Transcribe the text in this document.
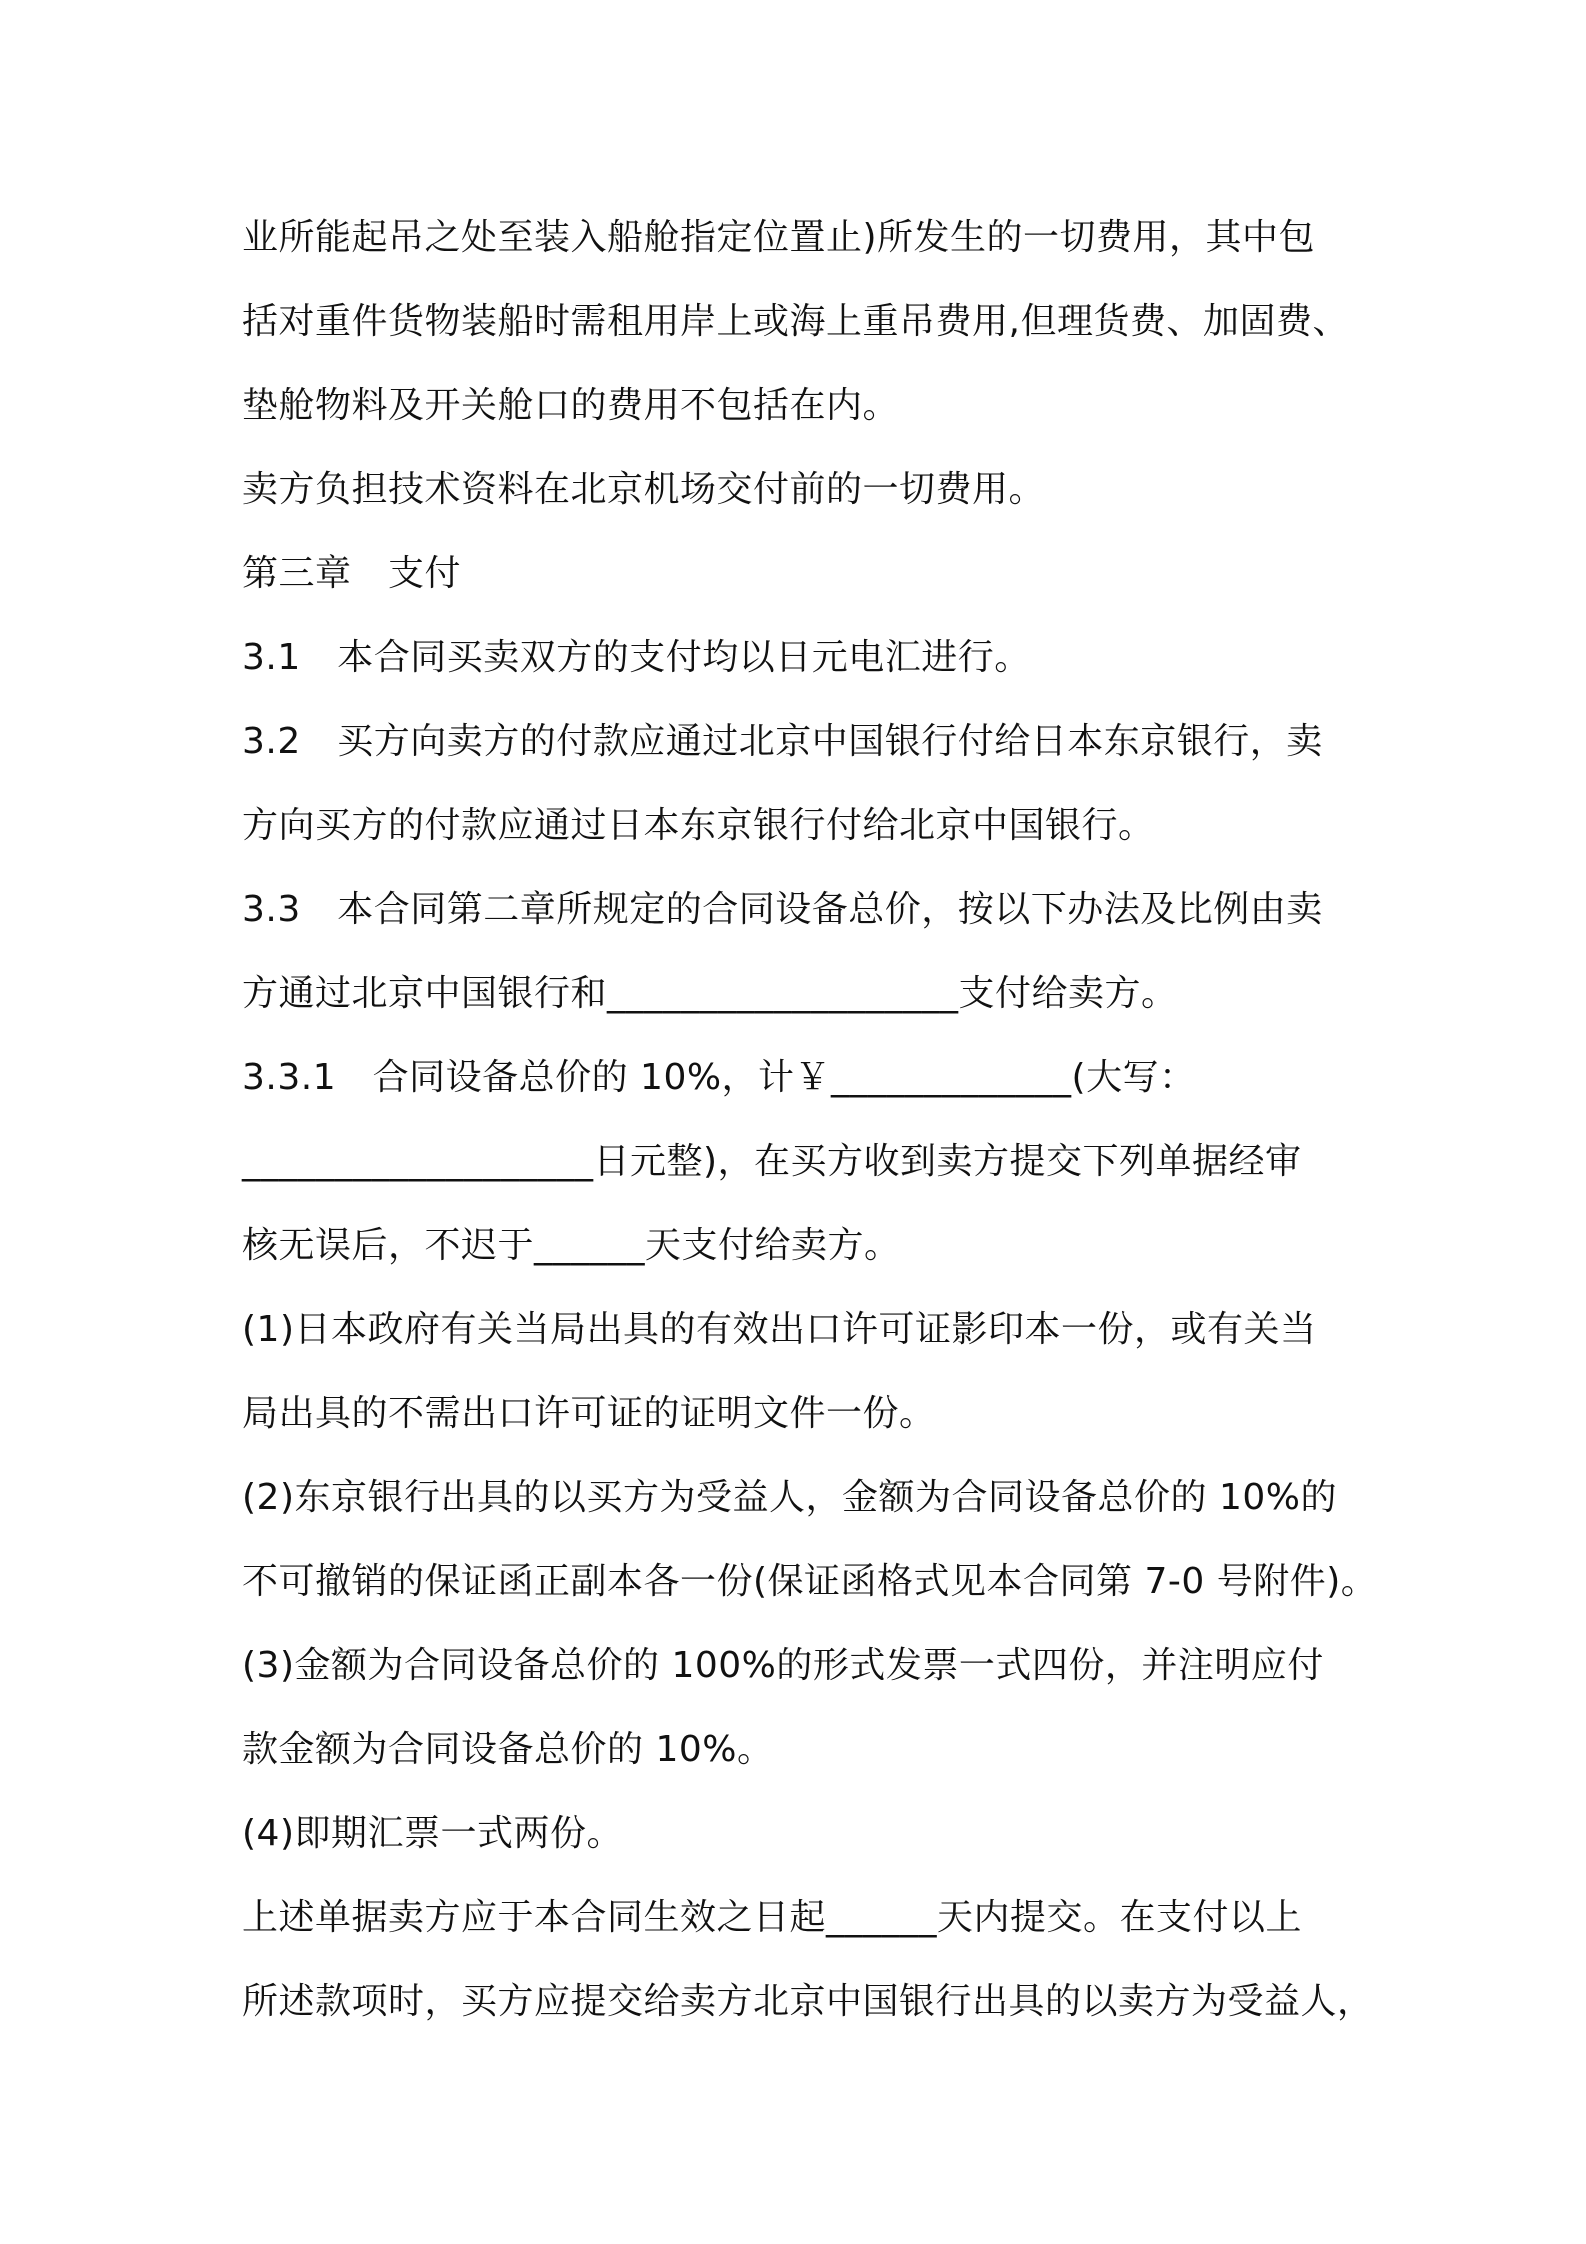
业所能起吊之处至装入船舱指定位置止)所发生的一切费用，其中包
括对重件货物装船时需租用岸上或海上重吊费用,但理货费、加固费、
垫舱物料及开关舱口的费用不包括在内。
卖方负担技术资料在北京机场交付前的一切费用。
第三章　支付
3.1　本合同买卖双方的支付均以日元电汇进行。
3.2　买方向卖方的付款应通过北京中国银行付给日本东京银行，卖
方向买方的付款应通过日本东京银行付给北京中国银行。
3.3　本合同第二章所规定的合同设备总价，按以下办法及比例由卖
方通过北京中国银行和___________________支付给卖方。
3.3.1　合同设备总价的 10%，计￥_____________(大写：
___________________日元整)，在买方收到卖方提交下列单据经审
核无误后，不迟于______天支付给卖方。
(1)日本政府有关当局出具的有效出口许可证影印本一份，或有关当
局出具的不需出口许可证的证明文件一份。
(2)东京银行出具的以买方为受益人，金额为合同设备总价的 10%的
不可撤销的保证函正副本各一份(保证函格式见本合同第 7-0 号附件)。
(3)金额为合同设备总价的 100%的形式发票一式四份，并注明应付
款金额为合同设备总价的 10%。
(4)即期汇票一式两份。
上述单据卖方应于本合同生效之日起______天内提交。在支付以上
所述款项时，买方应提交给卖方北京中国银行出具的以卖方为受益人，
